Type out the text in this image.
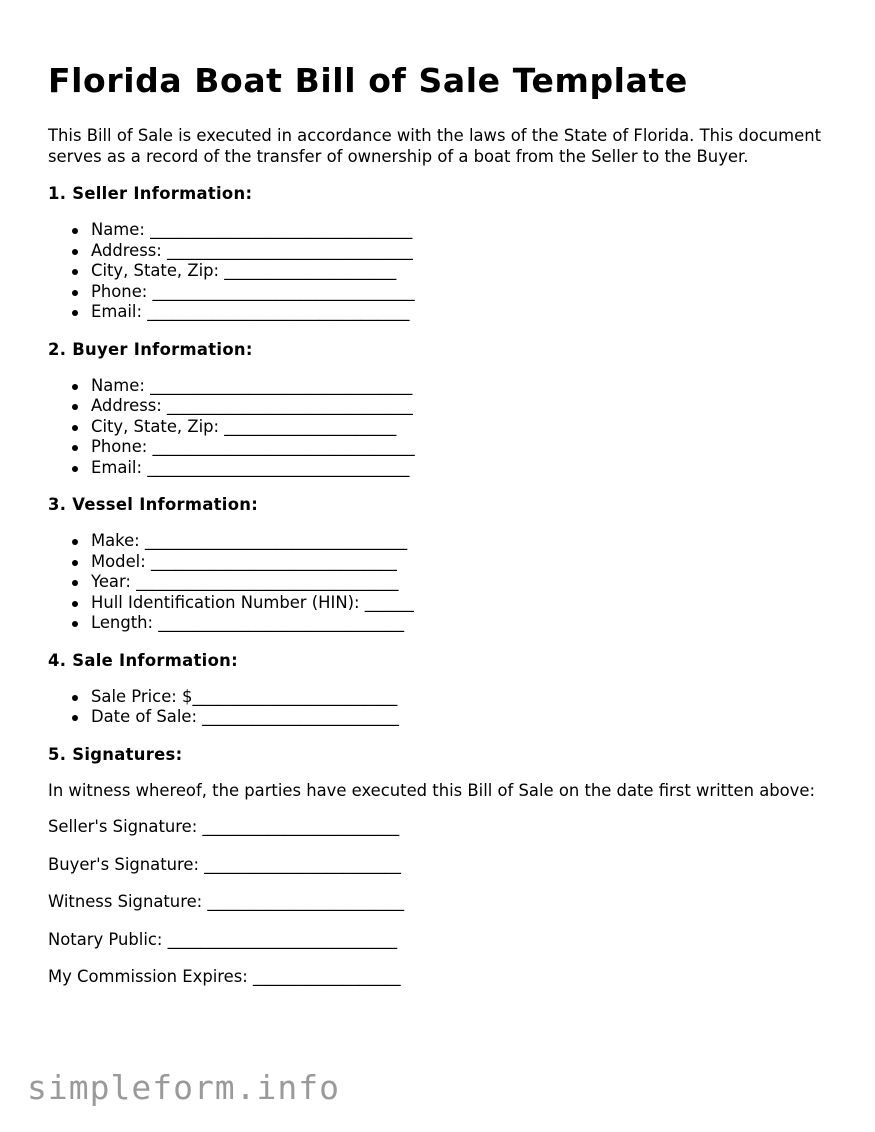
Florida Boat Bill of Sale Template

This Bill of Sale is executed in accordance with the laws of the State of Florida. This document serves as a record of the transfer of ownership of a boat from the Seller to the Buyer.

1. Seller Information:
Name: ________________________________
Address: ______________________________
City, State, Zip: _____________________
Phone: ________________________________
Email: ________________________________
2. Buyer Information:
Name: ________________________________
Address: ______________________________
City, State, Zip: _____________________
Phone: ________________________________
Email: ________________________________
3. Vessel Information:
Make: ________________________________
Model: ______________________________
Year: ________________________________
Hull Identification Number (HIN): ______
Length: ______________________________
4. Sale Information:
Sale Price: $_________________________
Date of Sale: ________________________
5. Signatures:

In witness whereof, the parties have executed this Bill of Sale on the date first written above:

Seller's Signature: ________________________
Buyer's Signature: ________________________
Witness Signature: ________________________
Notary Public: ____________________________
My Commission Expires: __________________
simpleform.info
